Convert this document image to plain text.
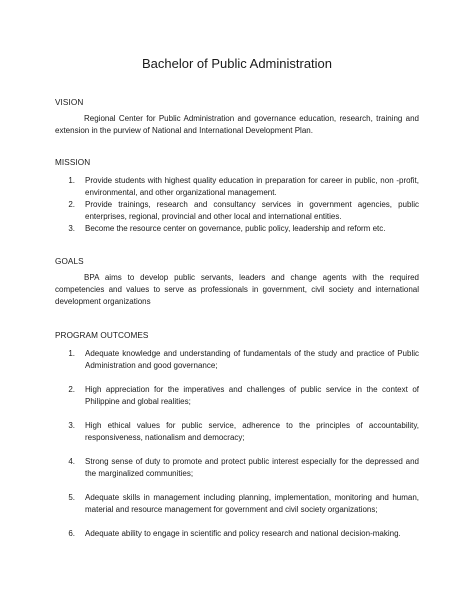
Bachelor of Public Administration
VISION
Regional Center for Public Administration and governance education, research, training and extension in the purview of National and International Development Plan.
MISSION
1. Provide students with highest quality education in preparation for career in public, non -profit, environmental, and other organizational management.
2. Provide trainings, research and consultancy services in government agencies, public enterprises, regional, provincial and other local and international entities.
3. Become the resource center on governance, public policy, leadership and reform etc.
GOALS
BPA aims to develop public servants, leaders and change agents with the required competencies and values to serve as professionals in government, civil society and international development organizations
PROGRAM OUTCOMES
1. Adequate knowledge and understanding of fundamentals of the study and practice of Public Administration and good governance;
2. High appreciation for the imperatives and challenges of public service in the context of Philippine and global realities;
3. High ethical values for public service, adherence to the principles of accountability, responsiveness, nationalism and democracy;
4. Strong sense of duty to promote and protect public interest especially for the depressed and the marginalized communities;
5. Adequate skills in management including planning, implementation, monitoring and human, material and resource management for government and civil society organizations;
6. Adequate ability to engage in scientific and policy research and national decision-making.
